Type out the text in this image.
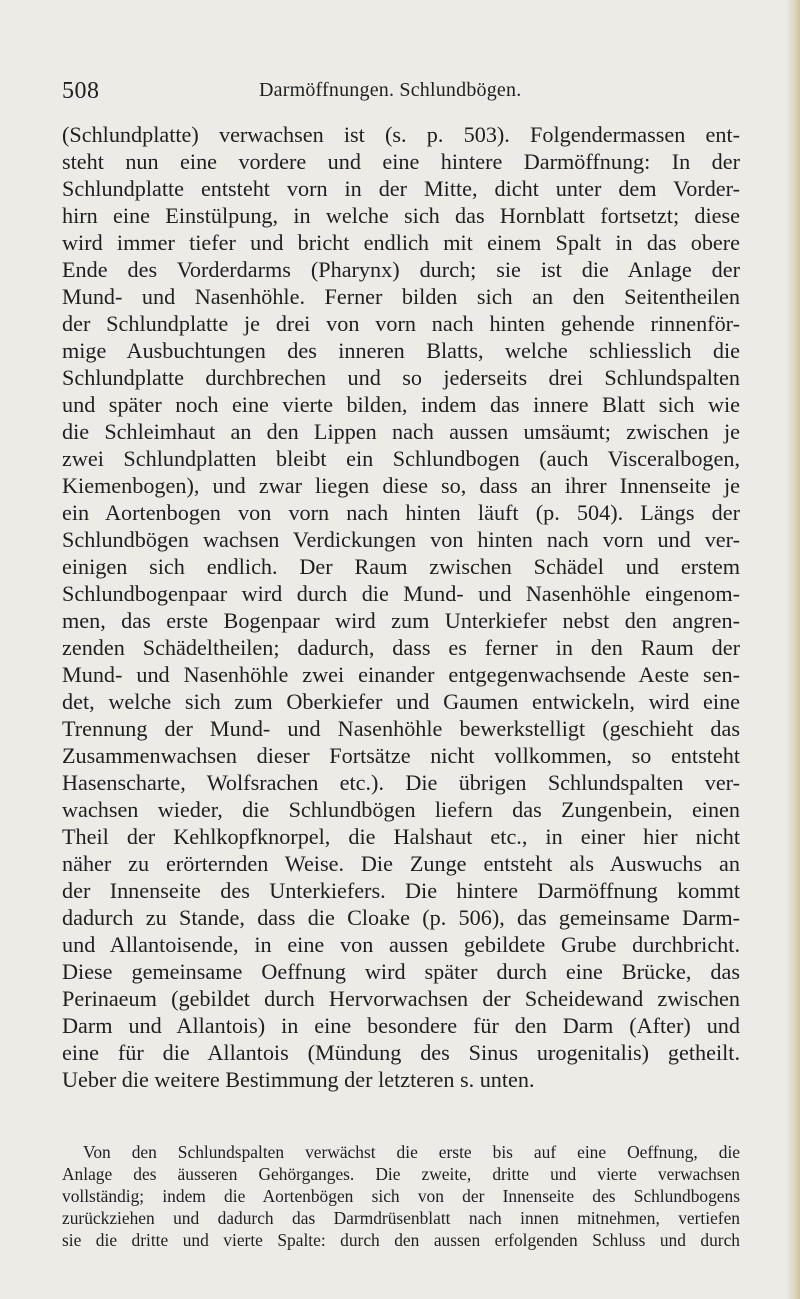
508	Darmöffnungen. Schlundbögen.
(Schlundplatte) verwachsen ist (s. p. 503). Folgendermassen ent-
steht nun eine vordere und eine hintere Darmöffnung: In der
Schlundplatte entsteht vorn in der Mitte, dicht unter dem Vorder-
hirn eine Einstülpung, in welche sich das Hornblatt fortsetzt; diese
wird immer tiefer und bricht endlich mit einem Spalt in das obere
Ende des Vorderdarms (Pharynx) durch; sie ist die Anlage der
Mund- und Nasenhöhle. Ferner bilden sich an den Seitentheilen
der Schlundplatte je drei von vorn nach hinten gehende rinnenför-
mige Ausbuchtungen des inneren Blatts, welche schliesslich die
Schlundplatte durchbrechen und so jederseits drei Schlundspalten
und später noch eine vierte bilden, indem das innere Blatt sich wie
die Schleimhaut an den Lippen nach aussen umsäumt; zwischen je
zwei Schlundplatten bleibt ein Schlundbogen (auch Visceralbogen,
Kiemenbogen), und zwar liegen diese so, dass an ihrer Innenseite je
ein Aortenbogen von vorn nach hinten läuft (p. 504). Längs der
Schlundbögen wachsen Verdickungen von hinten nach vorn und ver-
einigen sich endlich. Der Raum zwischen Schädel und erstem
Schlundbogenpaar wird durch die Mund- und Nasenhöhle eingenom-
men, das erste Bogenpaar wird zum Unterkiefer nebst den angren-
zenden Schädeltheilen; dadurch, dass es ferner in den Raum der
Mund- und Nasenhöhle zwei einander entgegenwachsende Aeste sen-
det, welche sich zum Oberkiefer und Gaumen entwickeln, wird eine
Trennung der Mund- und Nasenhöhle bewerkstelligt (geschieht das
Zusammenwachsen dieser Fortsätze nicht vollkommen, so entsteht
Hasenscharte, Wolfsrachen etc.). Die übrigen Schlundspalten ver-
wachsen wieder, die Schlundbögen liefern das Zungenbein, einen
Theil der Kehlkopfknorpel, die Halshaut etc., in einer hier nicht
näher zu erörternden Weise. Die Zunge entsteht als Auswuchs an
der Innenseite des Unterkiefers. Die hintere Darmöffnung kommt
dadurch zu Stande, dass die Cloake (p. 506), das gemeinsame Darm-
und Allantoisende, in eine von aussen gebildete Grube durchbricht.
Diese gemeinsame Oeffnung wird später durch eine Brücke, das
Perinaeum (gebildet durch Hervorwachsen der Scheidewand zwischen
Darm und Allantois) in eine besondere für den Darm (After) und
eine für die Allantois (Mündung des Sinus urogenitalis) getheilt.
Ueber die weitere Bestimmung der letzteren s. unten.
Von den Schlundspalten verwächst die erste bis auf eine Oeffnung, die
Anlage des äusseren Gehörganges. Die zweite, dritte und vierte verwachsen
vollständig; indem die Aortenbögen sich von der Innenseite des Schlundbogens
zurückziehen und dadurch das Darmdrüsenblatt nach innen mitnehmen, vertiefen
sie die dritte und vierte Spalte: durch den aussen erfolgenden Schluss und durch
